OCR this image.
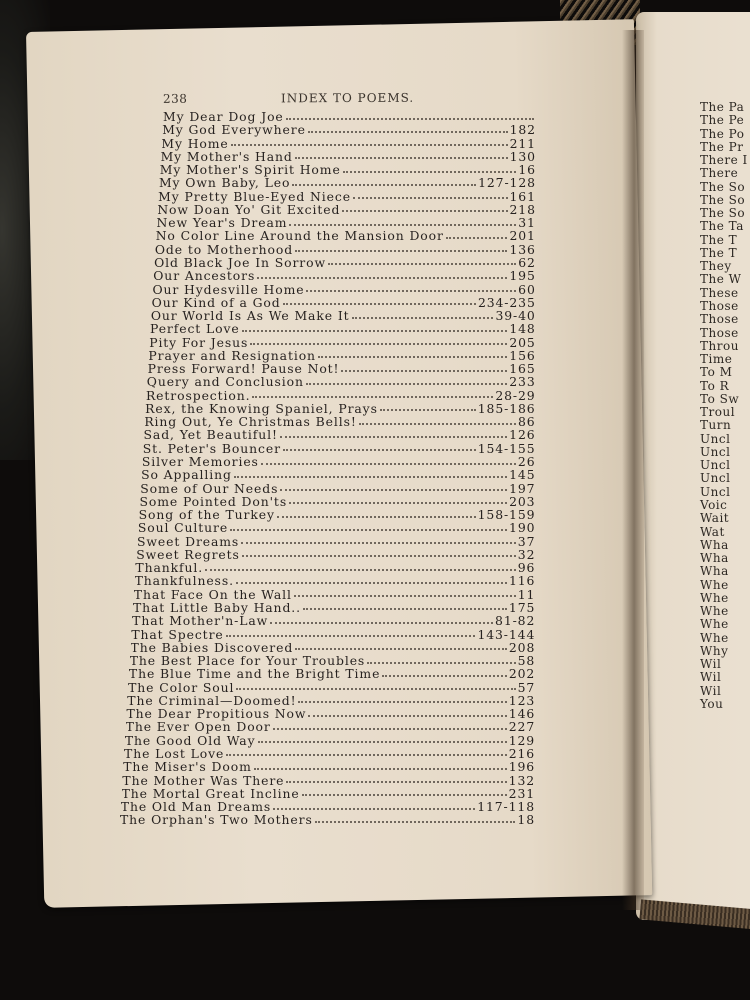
The Pa
The Pe
The Po
The Pr
There I
There
The So
The So
The So
The Ta
The T
The T
They
The W
These
Those
Those
Those
Throu
Time
To M
To R
To Sw
Troul
Turn
Uncl
Uncl
Uncl
Uncl
Uncl
Voic
Wait
Wat
Wha
Wha
Wha
Whe
Whe
Whe
Whe
Whe
Why
Wil
Wil
Wil
You
238	INDEX TO POEMS.
My Dear Dog Joe
My God Everywhere	182
My Home	211
My Mother's Hand	130
My Mother's Spirit Home	16
My Own Baby, Leo	127-128
My Pretty Blue-Eyed Niece	161
Now Doan Yo' Git Excited	218
New Year's Dream	31
No Color Line Around the Mansion Door	201
Ode to Motherhood	136
Old Black Joe In Sorrow	62
Our Ancestors	195
Our Hydesville Home	60
Our Kind of a God	234-235
Our World Is As We Make It	39-40
Perfect Love	148
Pity For Jesus	205
Prayer and Resignation	156
Press Forward! Pause Not!	165
Query and Conclusion	233
Retrospection.	28-29
Rex, the Knowing Spaniel, Prays	185-186
Ring Out, Ye Christmas Bells!	86
Sad, Yet Beautiful!	126
St. Peter's Bouncer	154-155
Silver Memories	26
So Appalling	145
Some of Our Needs	197
Some Pointed Don'ts	203
Song of the Turkey	158-159
Soul Culture	190
Sweet Dreams	37
Sweet Regrets	32
Thankful.	96
Thankfulness.	116
That Face On the Wall	11
That Little Baby Hand..	175
That Mother'n-Law	81-82
That Spectre	143-144
The Babies Discovered	208
The Best Place for Your Troubles	58
The Blue Time and the Bright Time	202
The Color Soul	57
The Criminal—Doomed!	123
The Dear Propitious Now	146
The Ever Open Door	227
The Good Old Way	129
The Lost Love	216
The Miser's Doom	196
The Mother Was There	132
The Mortal Great Incline	231
The Old Man Dreams	117-118
The Orphan's Two Mothers	18
